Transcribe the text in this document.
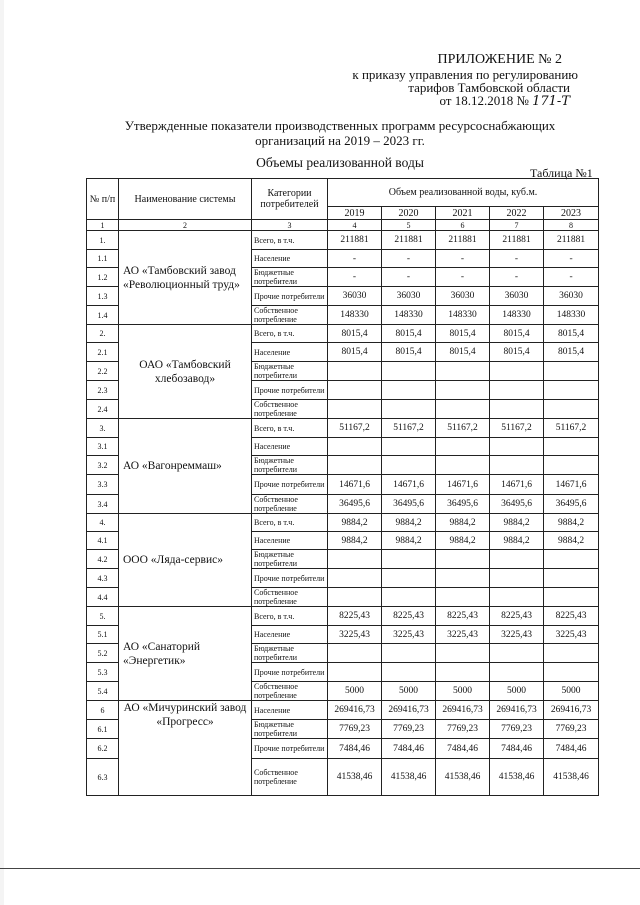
ПРИЛОЖЕНИЕ № 2
к приказу управления по регулированию
тарифов Тамбовской области
от 18.12.2018 № 171-Т
Утвержденные показатели производственных программ ресурсоснабжающих
организаций на 2019 – 2023 гг.
Объемы реализованной воды
Таблица №1
№ п/п	Наименование системы	Категории потребителей	Объем реализованной воды, куб.м.				
			2019	2020	2021	2022	2023
1	2	3	4	5	6	7	8
1.	АО «Тамбовский завод «Революционный труд»	Всего, в т.ч.	211881	211881	211881	211881	211881
1.1		Население	-	-	-	-	-
1.2		Бюджетные потребители	-	-	-	-	-
1.3		Прочие потребители	36030	36030	36030	36030	36030
1.4		Собственное потребление	148330	148330	148330	148330	148330
2.	ОАО «Тамбовский хлебозавод»	Всего, в т.ч.	8015,4	8015,4	8015,4	8015,4	8015,4
2.1		Население	8015,4	8015,4	8015,4	8015,4	8015,4
2.2		Бюджетные потребители					
2.3		Прочие потребители					
2.4		Собственное потребление					
3.	АО «Вагонреммаш»	Всего, в т.ч.	51167,2	51167,2	51167,2	51167,2	51167,2
3.1		Население					
3.2		Бюджетные потребители					
3.3		Прочие потребители	14671,6	14671,6	14671,6	14671,6	14671,6
3.4		Собственное потребление	36495,6	36495,6	36495,6	36495,6	36495,6
4.	ООО «Ляда-сервис»	Всего, в т.ч.	9884,2	9884,2	9884,2	9884,2	9884,2
4.1		Население	9884,2	9884,2	9884,2	9884,2	9884,2
4.2		Бюджетные потребители					
4.3		Прочие потребители					
4.4		Собственное потребление					
5.	АО «Санаторий «Энергетик»	Всего, в т.ч.	8225,43	8225,43	8225,43	8225,43	8225,43
5.1		Население	3225,43	3225,43	3225,43	3225,43	3225,43
5.2		Бюджетные потребители					
5.3		Прочие потребители					
5.4		Собственное потребление	5000	5000	5000	5000	5000
6	АО «Мичуринский завод «Прогресс»	Население	269416,73	269416,73	269416,73	269416,73	269416,73
6.1		Бюджетные потребители	7769,23	7769,23	7769,23	7769,23	7769,23
6.2		Прочие потребители	7484,46	7484,46	7484,46	7484,46	7484,46
6.3		Собственное потребление	41538,46	41538,46	41538,46	41538,46	41538,46
